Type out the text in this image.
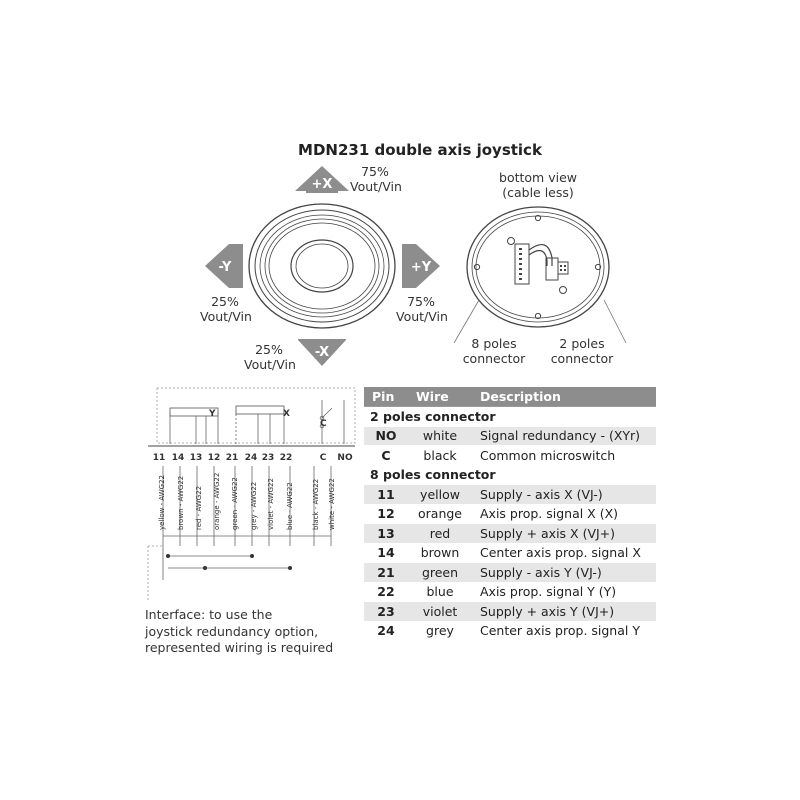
MDN231 double axis joystick
+X
-X
-Y	+Y
75%
Vout/Vin
25%
Vout/Vin
75%
Vout/Vin
25%
Vout/Vin
bottom view
(cable less)
8 poles
connector
2 poles
connector
Y	X
11 14 13 12 21 24 23 22	C NO
C
yellow - AWG22 brown - AWG22 red - AWG22 orange - AWG22 green - AWG22 grey - AWG22 violet - AWG22 blue - AWG22	black - AWG22 white - AWG22
Interface: to use the
joystick redundancy option,
represented wiring is required
Pin	Wire	Description
2 poles connector		
NO	white	Signal redundancy - (XYr)
C	black	Common microswitch
8 poles connector		
11	yellow	Supply - axis X (VJ-)
12	orange	Axis prop. signal X (X)
13	red	Supply + axis X (VJ+)
14	brown	Center axis prop. signal X
21	green	Supply - axis Y (VJ-)
22	blue	Axis prop. signal Y (Y)
23	violet	Supply + axis Y (VJ+)
24	grey	Center axis prop. signal Y
